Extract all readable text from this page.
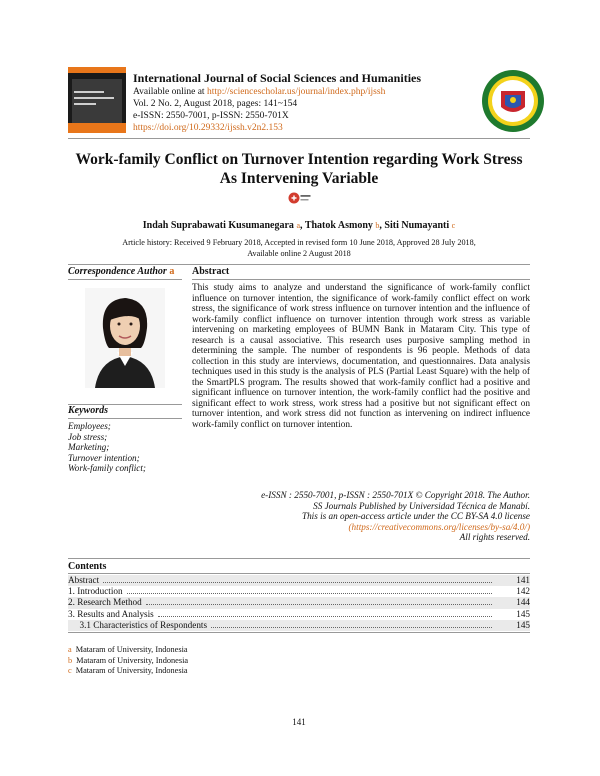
International Journal of Social Sciences and Humanities
Available online at http://sciencescholar.us/journal/index.php/ijssh
Vol. 2 No. 2, August 2018, pages: 141~154
e-ISSN: 2550-7001, p-ISSN: 2550-701X
https://doi.org/10.29332/ijssh.v2n2.153
Work-family Conflict on Turnover Intention regarding Work Stress As Intervening Variable
Indah Suprabawati Kusumanegara a, Thatok Asmony b, Siti Numayanti c
Article history: Received 9 February 2018, Accepted in revised form 10 June 2018, Approved 28 July 2018,
Available online 2 August 2018
Correspondence Author a Abstract
Keywords
Employees;
Job stress;
Marketing;
Turnover intention;
Work-family conflict;
This study aims to analyze and understand the significance of work-family conflict influence on turnover intention, the significance of work-family conflict effect on work stress, the significance of work stress influence on turnover intention and the influence of work-family conflict influence on turnover intention through work stress as variable intervening on marketing employees of BUMN Bank in Mataram City. This type of research is a causal associative. This research uses purposive sampling method in determining the sample. The number of respondents is 96 people. Methods of data collection in this study are interviews, documentation, and questionnaires. Data analysis techniques used in this study is the analysis of PLS (Partial Least Square) with the help of the SmartPLS program. The results showed that work-family conflict had a positive and significant influence on turnover intention, the work-family conflict had the positive and significant effect to work stress, work stress had a positive but not significant effect on turnover intention, and work stress did not function as intervening on indirect influence work-family conflict on turnover intention.
e-ISSN : 2550-7001, p-ISSN : 2550-701X © Copyright 2018. The Author.
SS Journals Published by Universidad Técnica de Manabí.
This is an open-access article under the CC BY-SA 4.0 license
(https://creativecommons.org/licenses/by-sa/4.0/)
All rights reserved.
Contents
Abstract	141
1. Introduction	142
2. Research Method	144
3. Results and Analysis	145
3.1 Characteristics of Respondents	145
a Mataram of University, Indonesia
b Mataram of University, Indonesia
c Mataram of University, Indonesia
141
